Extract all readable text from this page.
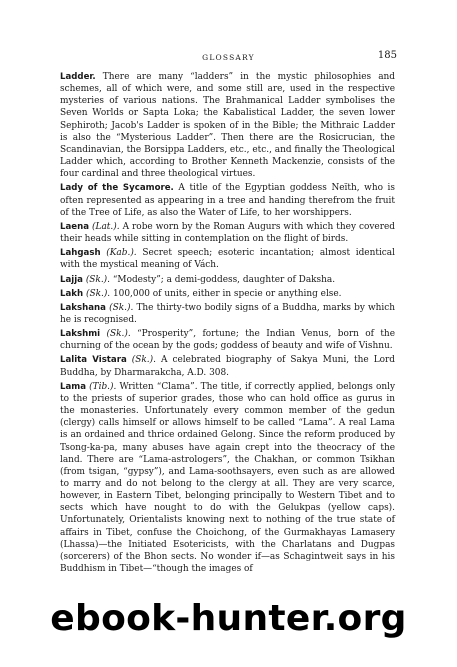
GLOSSARY	185

Ladder. There are many “ladders” in the mystic philosophies and schemes, all of which were, and some still are, used in the respective mysteries of various nations. The Brahmanical Ladder symbolises the Seven Worlds or Sapta Loka; the Kabalistical Ladder, the seven lower Sephiroth; Jacob's Ladder is spoken of in the Bible; the Mithraic Ladder is also the “Mysterious Ladder”. Then there are the Rosicrucian, the Scandinavian, the Borsippa Ladders, etc., etc., and finally the Theological Ladder which, according to Brother Kenneth Mackenzie, consists of the four cardinal and three theological virtues.

Lady of the Sycamore. A title of the Egyptian goddess Neïth, who is often represented as appearing in a tree and handing therefrom the fruit of the Tree of Life, as also the Water of Life, to her worshippers.

Laena (Lat.). A robe worn by the Roman Augurs with which they covered their heads while sitting in contemplation on the flight of birds.

Lahgash (Kab.). Secret speech; esoteric incantation; almost identical with the mystical meaning of Vách.

Lajja (Sk.). “Modesty”; a demi-goddess, daughter of Daksha.

Lakh (Sk.). 100,000 of units, either in specie or anything else.

Lakshana (Sk.). The thirty-two bodily signs of a Buddha, marks by which he is recognised.

Lakshmi (Sk.). “Prosperity”, fortune; the Indian Venus, born of the churning of the ocean by the gods; goddess of beauty and wife of Vishnu.

Lalita Vistara (Sk.). A celebrated biography of Sakya Muni, the Lord Buddha, by Dharmarakcha, A.D. 308.

Lama (Tib.). Written “Clama”. The title, if correctly applied, belongs only to the priests of superior grades, those who can hold office as gurus in the monasteries. Unfortunately every common member of the gedun (clergy) calls himself or allows himself to be called “Lama”. A real Lama is an ordained and thrice ordained Gelong. Since the reform produced by Tsong-ka-pa, many abuses have again crept into the theocracy of the land. There are “Lama-astrologers”, the Chakhan, or common Tsikhan (from tsigan, “gypsy”), and Lama-soothsayers, even such as are allowed to marry and do not belong to the clergy at all. They are very scarce, however, in Eastern Tibet, belonging principally to Western Tibet and to sects which have nought to do with the Gelukpas (yellow caps). Unfortunately, Orientalists knowing next to nothing of the true state of affairs in Tibet, confuse the Choichong, of the Gurmakhayas Lamasery (Lhassa)—the Initiated Esotericists, with the Charlatans and Dugpas (sorcerers) of the Bhon sects. No wonder if—as Schagintweit says in his Buddhism in Tibet—“though the images of

ebook-hunter.org
